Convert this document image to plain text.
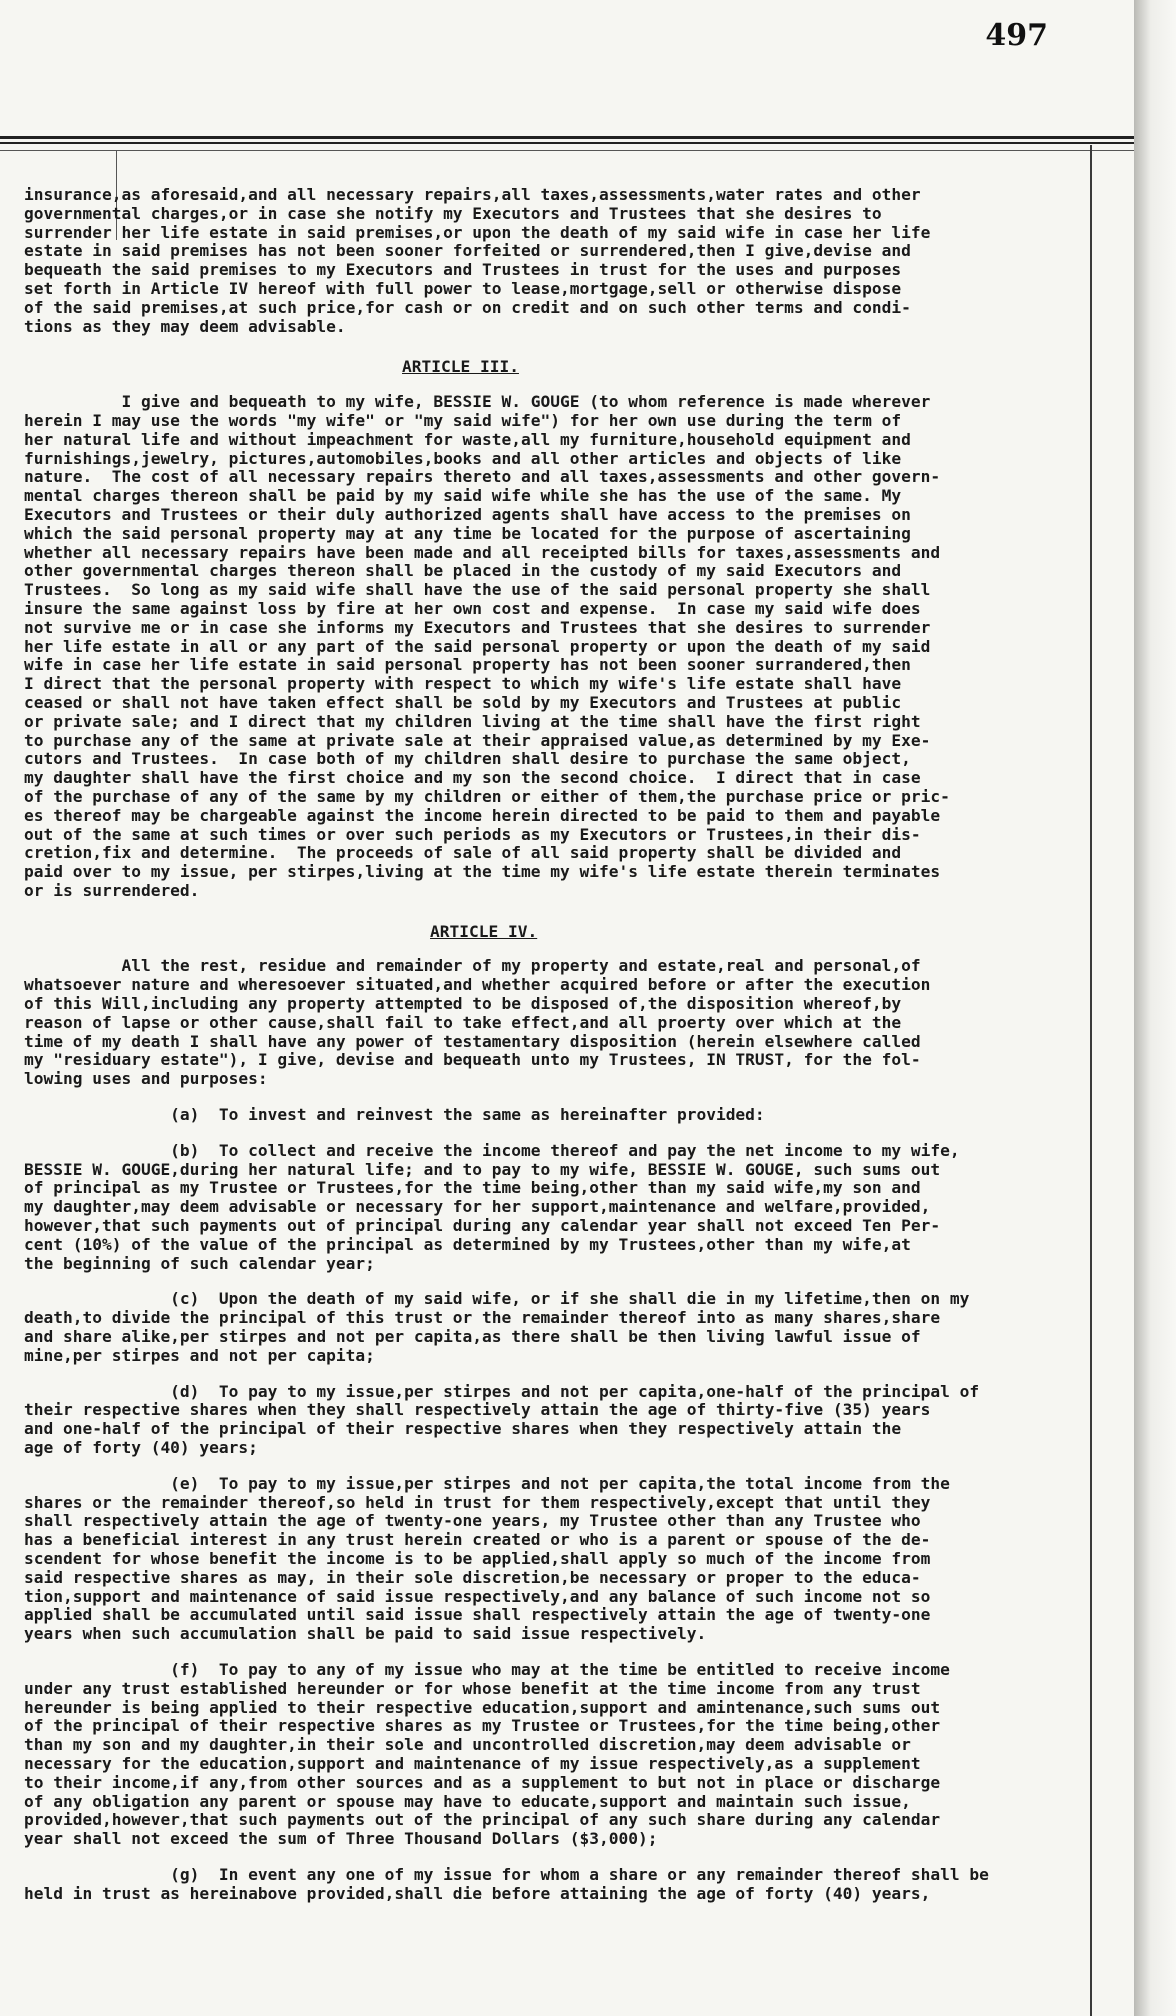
497

insurance,as aforesaid,and all necessary repairs,all taxes,assessments,water rates and other
governmental charges,or in case she notify my Executors and Trustees that she desires to
surrender her life estate in said premises,or upon the death of my said wife in case her life
estate in said premises has not been sooner forfeited or surrendered,then I give,devise and
bequeath the said premises to my Executors and Trustees in trust for the uses and purposes
set forth in Article IV hereof with full power to lease,mortgage,sell or otherwise dispose
of the said premises,at such price,for cash or on credit and on such other terms and condi-
tions as they may deem advisable.

ARTICLE III.

I give and bequeath to my wife, BESSIE W. GOUGE (to whom reference is made wherever
herein I may use the words "my wife" or "my said wife") for her own use during the term of
her natural life and without impeachment for waste,all my furniture,household equipment and
furnishings,jewelry, pictures,automobiles,books and all other articles and objects of like
nature.  The cost of all necessary repairs thereto and all taxes,assessments and other govern-
mental charges thereon shall be paid by my said wife while she has the use of the same. My
Executors and Trustees or their duly authorized agents shall have access to the premises on
which the said personal property may at any time be located for the purpose of ascertaining
whether all necessary repairs have been made and all receipted bills for taxes,assessments and
other governmental charges thereon shall be placed in the custody of my said Executors and
Trustees.  So long as my said wife shall have the use of the said personal property she shall
insure the same against loss by fire at her own cost and expense.  In case my said wife does
not survive me or in case she informs my Executors and Trustees that she desires to surrender
her life estate in all or any part of the said personal property or upon the death of my said
wife in case her life estate in said personal property has not been sooner surrandered,then
I direct that the personal property with respect to which my wife's life estate shall have
ceased or shall not have taken effect shall be sold by my Executors and Trustees at public
or private sale; and I direct that my children living at the time shall have the first right
to purchase any of the same at private sale at their appraised value,as determined by my Exe-
cutors and Trustees.  In case both of my children shall desire to purchase the same object,
my daughter shall have the first choice and my son the second choice.  I direct that in case
of the purchase of any of the same by my children or either of them,the purchase price or pric-
es thereof may be chargeable against the income herein directed to be paid to them and payable
out of the same at such times or over such periods as my Executors or Trustees,in their dis-
cretion,fix and determine.  The proceeds of sale of all said property shall be divided and
paid over to my issue, per stirpes,living at the time my wife's life estate therein terminates
or is surrendered.

ARTICLE IV.

All the rest, residue and remainder of my property and estate,real and personal,of
whatsoever nature and wheresoever situated,and whether acquired before or after the execution
of this Will,including any property attempted to be disposed of,the disposition whereof,by
reason of lapse or other cause,shall fail to take effect,and all proerty over which at the
time of my death I shall have any power of testamentary disposition (herein elsewhere called
my "residuary estate"), I give, devise and bequeath unto my Trustees, IN TRUST, for the fol-
lowing uses and purposes:

(a)  To invest and reinvest the same as hereinafter provided:

(b)  To collect and receive the income thereof and pay the net income to my wife,
BESSIE W. GOUGE,during her natural life; and to pay to my wife, BESSIE W. GOUGE, such sums out
of principal as my Trustee or Trustees,for the time being,other than my said wife,my son and
my daughter,may deem advisable or necessary for her support,maintenance and welfare,provided,
however,that such payments out of principal during any calendar year shall not exceed Ten Per-
cent (10%) of the value of the principal as determined by my Trustees,other than my wife,at
the beginning of such calendar year;

(c)  Upon the death of my said wife, or if she shall die in my lifetime,then on my
death,to divide the principal of this trust or the remainder thereof into as many shares,share
and share alike,per stirpes and not per capita,as there shall be then living lawful issue of
mine,per stirpes and not per capita;

(d)  To pay to my issue,per stirpes and not per capita,one-half of the principal of
their respective shares when they shall respectively attain the age of thirty-five (35) years
and one-half of the principal of their respective shares when they respectively attain the
age of forty (40) years;

(e)  To pay to my issue,per stirpes and not per capita,the total income from the
shares or the remainder thereof,so held in trust for them respectively,except that until they
shall respectively attain the age of twenty-one years, my Trustee other than any Trustee who
has a beneficial interest in any trust herein created or who is a parent or spouse of the de-
scendent for whose benefit the income is to be applied,shall apply so much of the income from
said respective shares as may, in their sole discretion,be necessary or proper to the educa-
tion,support and maintenance of said issue respectively,and any balance of such income not so
applied shall be accumulated until said issue shall respectively attain the age of twenty-one
years when such accumulation shall be paid to said issue respectively.

(f)  To pay to any of my issue who may at the time be entitled to receive income
under any trust established hereunder or for whose benefit at the time income from any trust
hereunder is being applied to their respective education,support and amintenance,such sums out
of the principal of their respective shares as my Trustee or Trustees,for the time being,other
than my son and my daughter,in their sole and uncontrolled discretion,may deem advisable or
necessary for the education,support and maintenance of my issue respectively,as a supplement
to their income,if any,from other sources and as a supplement to but not in place or discharge
of any obligation any parent or spouse may have to educate,support and maintain such issue,
provided,however,that such payments out of the principal of any such share during any calendar
year shall not exceed the sum of Three Thousand Dollars ($3,000);

(g)  In event any one of my issue for whom a share or any remainder thereof shall be
held in trust as hereinabove provided,shall die before attaining the age of forty (40) years,
